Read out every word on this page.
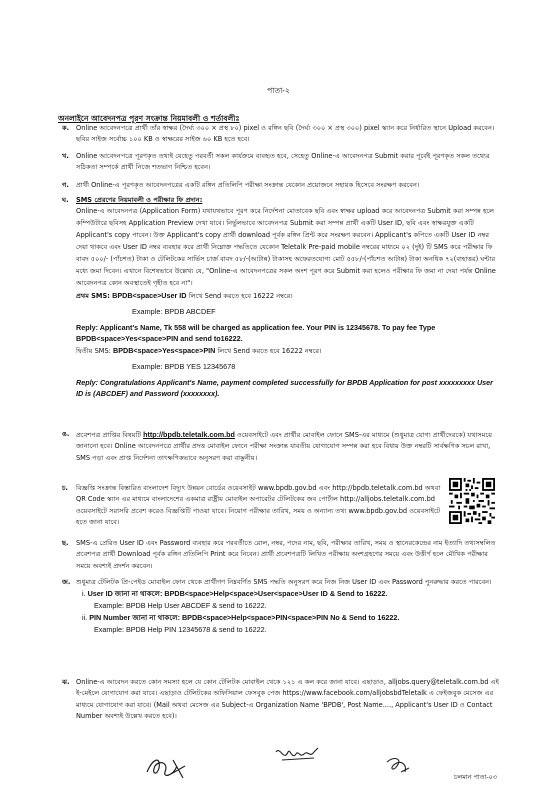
পাতা-২
অনলাইনে আবেদনপত্র পূরণ সংক্রান্ত নিয়মাবলী ও শর্তাবলীঃ
ক. Online আবেদনপত্রে প্রার্থী তাঁর স্বাক্ষর (দৈর্ঘ্য ৩০০ × প্রস্থ ৮০) pixel ও রঙ্গিন ছবি (দৈর্ঘ্য ৩০০ × প্রস্থ ৩০০) pixel স্ক্যান করে নির্ধারিত স্থানে Upload করবেন। ছবির সাইজ সর্বোচ্চ ১০০ KB ও স্বাক্ষরের সাইজ ৬০ KB হতে হবে।
খ. Online আবেদনপত্রে পূরণকৃত তথ্যই যেহেতু পরবর্তী সকল কার্যক্রমে ব্যবহৃত হবে, সেহেতু Online-এ আবেদনপত্র Submit করার পূর্বেই পূরণকৃত সকল তথ্যের সঠিকতা সম্পর্কে প্রার্থী নিজে শতভাগ নিশ্চিত হবেন।
গ. প্রার্থী Online-এ পূরণকৃত আবেদনপত্রের একটি রঙ্গিন প্রতিলিপি পরীক্ষা সংক্রান্ত যেকোন প্রয়োজনে সহায়ক হিসেবে সংরক্ষণ করবেন।
ঘ. SMS প্রেরণের নিয়মাবলী ও পরীক্ষার ফি প্রদান:
Online-এ আবেদনপত্র (Application Form) যথাযথভাবে পূরণ করে নির্দেশনা মোতাবেক ছবি এবং স্বাক্ষর upload করে আবেদনপত্র Submit করা সম্পন্ন হলে কম্পিউটারে ছবিসহ Application Preview দেখা যাবে। নির্ভুলভাবে আবেদনপত্র Submit করা সম্পন্ন প্রার্থী একটি User ID, ছবি এবং স্বাক্ষরযুক্ত একটি Applicant's copy পাবেন। উক্ত Applicant's copy প্রার্থী download পূর্বক রঙ্গিন প্রিন্ট করে সংরক্ষণ করবেন। Applicant's কপিতে একটি User ID নম্বর দেয়া থাকবে এবং User ID নম্বর ব্যবহার করে প্রার্থী নিম্নোক্ত পদ্ধতিতে যেকোন Teletalk Pre-paid mobile নম্বরের মাধ্যমে ০২ (দুই) টি SMS করে পরীক্ষার ফি বাবদ ৫০০/- (পাঁচশত) টাকা ও টেলিটকের সার্ভিস চার্জ বাবদ ৫৮/-(আটান্ন) টাকাসহ অফেরতযোগ্য মোট ৫৫৮/-(পাঁচশত আটান্ন) টাকা অনধিক ৭২(বাহাত্তর) ঘন্টার মধ্যে জমা দিবেন। এখানে বিশেষভাবে উল্লেখ্য যে, "Online-এ আবেদনপত্রের সকল অংশ পূরণ করে Submit করা হলেও পরীক্ষার ফি জমা না দেয়া পর্যন্ত Online আবেদনপত্র কোন অবস্থাতেই গৃহীত হবে না"।
প্রথম SMS: BPDB<space>User ID লিখে Send করতে হবে 16222 নম্বরে।
Example: BPDB ABCDEF
Reply: Applicant's Name, Tk 558 will be charged as application fee. Your PIN is 12345678. To pay fee Type BPDB<space>Yes<space>PIN and send to16222.
দ্বিতীয় SMS: BPDB<space>Yes<space>PIN লিখে Send করতে হবে 16222 নম্বরে।
Example: BPDB YES 12345678
Reply: Congratulations Applicant's Name, payment completed successfully for BPDB Application for post xxxxxxxxx User ID is (ABCDEF) and Password (xxxxxxxx).
ঙ. প্রবেশপত্র প্রাপ্তির বিষয়টি http://bpdb.teletalk.com.bd ওয়েবসাইটে এবং প্রার্থীর মোবাইল ফোনে SMS-এর মাধ্যমে (শুধুমাত্র যোগ্য প্রার্থীদেরকে) যথাসময়ে জানানো হবে। Online আবেদনপত্রে প্রার্থীর প্রদত্ত মোবাইল ফোনে পরীক্ষা সংক্রান্ত যাবতীয় যোগাযোগ সম্পন্ন করা হবে বিধায় উক্ত নম্বরটি সার্বক্ষণিক সচল রাখা, SMS পড়া এবং প্রাপ্ত নির্দেশনা তাৎক্ষণিকভাবে অনুসরণ করা বাঞ্ছনীয়।
চ. বিজ্ঞপ্তি সংক্রান্ত বিস্তারিত বাংলাদেশ বিদ্যুৎ উন্নয়ন বোর্ডের ওয়েবসাইট www.bpdb.gov.bd এবং http://bpdb.teletalk.com.bd অথবা QR Code স্ক্যান এর মাধ্যমে বাংলাদেশের একমাত্র রাষ্ট্রীয় মোবাইল অপারেটর টেলিটকের জব পোর্টাল http://alljobs.teletalk.com.bd ওয়েবসাইটে সরাসরি প্রবেশ করেও বিজ্ঞপ্তিটি পাওয়া যাবে। নিয়োগ পরীক্ষার তারিখ, সময় ও অন্যান্য তথ্য www.bpdb.gov.bd ওয়েবসাইটে হতে জানা যাবে।
ছ. SMS-এ প্রেরিত User ID এবং Password ব্যবহার করে পরবর্তীতে রোল, নম্বর, পদের নাম, ছবি, পরীক্ষার তারিখ, সময় ও স্থানেরকেন্দ্রের নাম ইত্যাদি তথ্যসম্বলিত প্রবেশপত্র প্রার্থী Download পূর্বক রঙ্গিন প্রতিলিপি Print করে নিবেন। প্রার্থী প্রবেশপত্রটি লিখিত পরীক্ষায় অংশগ্রহণের সময়ে এবং উত্তীর্ণ হলে মৌখিক পরীক্ষার সময়ে অবশ্যই প্রদর্শন করবেন।
জ. শুধুমাত্র টেলিটক প্রি-পেইড মোবাইল ফোন থেকে প্রার্থীগণ নিম্নবর্ণিত SMS পদ্ধতি অনুসরণ করে নিজ নিজ User ID এবং Password পুনরুদ্ধার করতে পারবেন।
i. User ID জানা না থাকলে: BPDB<space>Help<space>User<space>User ID & Send to 16222.
Example: BPDB Help User ABCDEF & send to 16222.
ii. PIN Number জানা না থাকলে: BPDB<space>Help<space>PIN<space>PIN No & Send to 16222.
Example: BPDB Help PIN 12345678 & send to 16222.
ঝ. Online-এ আবেদন করতে কোন সমস্যা হলে যে কোন টেলিটক মোবাইল থেকে ১২১ এ কল করে জানা যাবে। এছাড়াও, alljobs.query@teletalk.com.bd এই ই-মেইলে যোগাযোগ করা যাবে। এছাড়াও টেলিটকের অফিসিয়াল ফেসবুক পেজ https://www.facebook.com/alljobsbdTeletalk এ ফেইজবুক মেসেজ এর মাধ্যমে যোগাযোগ করা যাবে। (Mail অথবা মেসেজ এর Subject-এ Organization Name 'BPDB', Post Name...., Applicant's User ID ও Contact Number অবশ্যই উল্লেখ করতে হবে)।
চলমান পাতা-০৩
